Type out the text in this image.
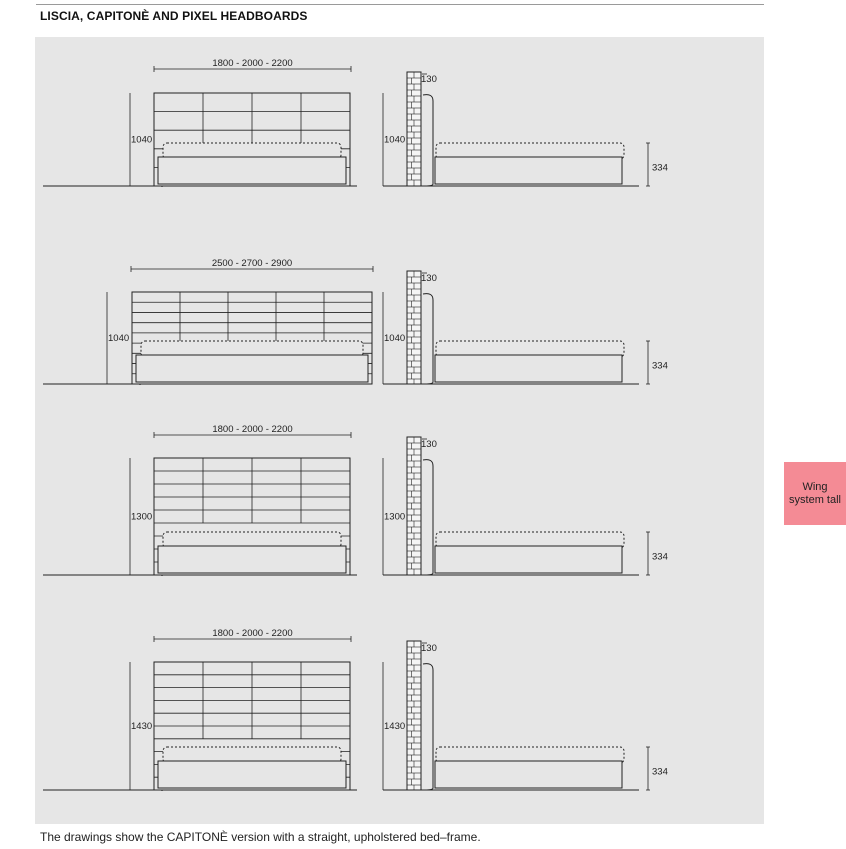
LISCIA, CAPITONÈ AND PIXEL HEADBOARDS
1800 - 2000 - 2200
1040	1040
130
334
2500 - 2700 - 2900
1040	1040
130
334
1800 - 2000 - 2200
1300	1300
130
334
1800 - 2000 - 2200
1430	1430
130
334
The drawings show the CAPITONÈ version with a straight, upholstered bed–frame.
Wing
system tall
